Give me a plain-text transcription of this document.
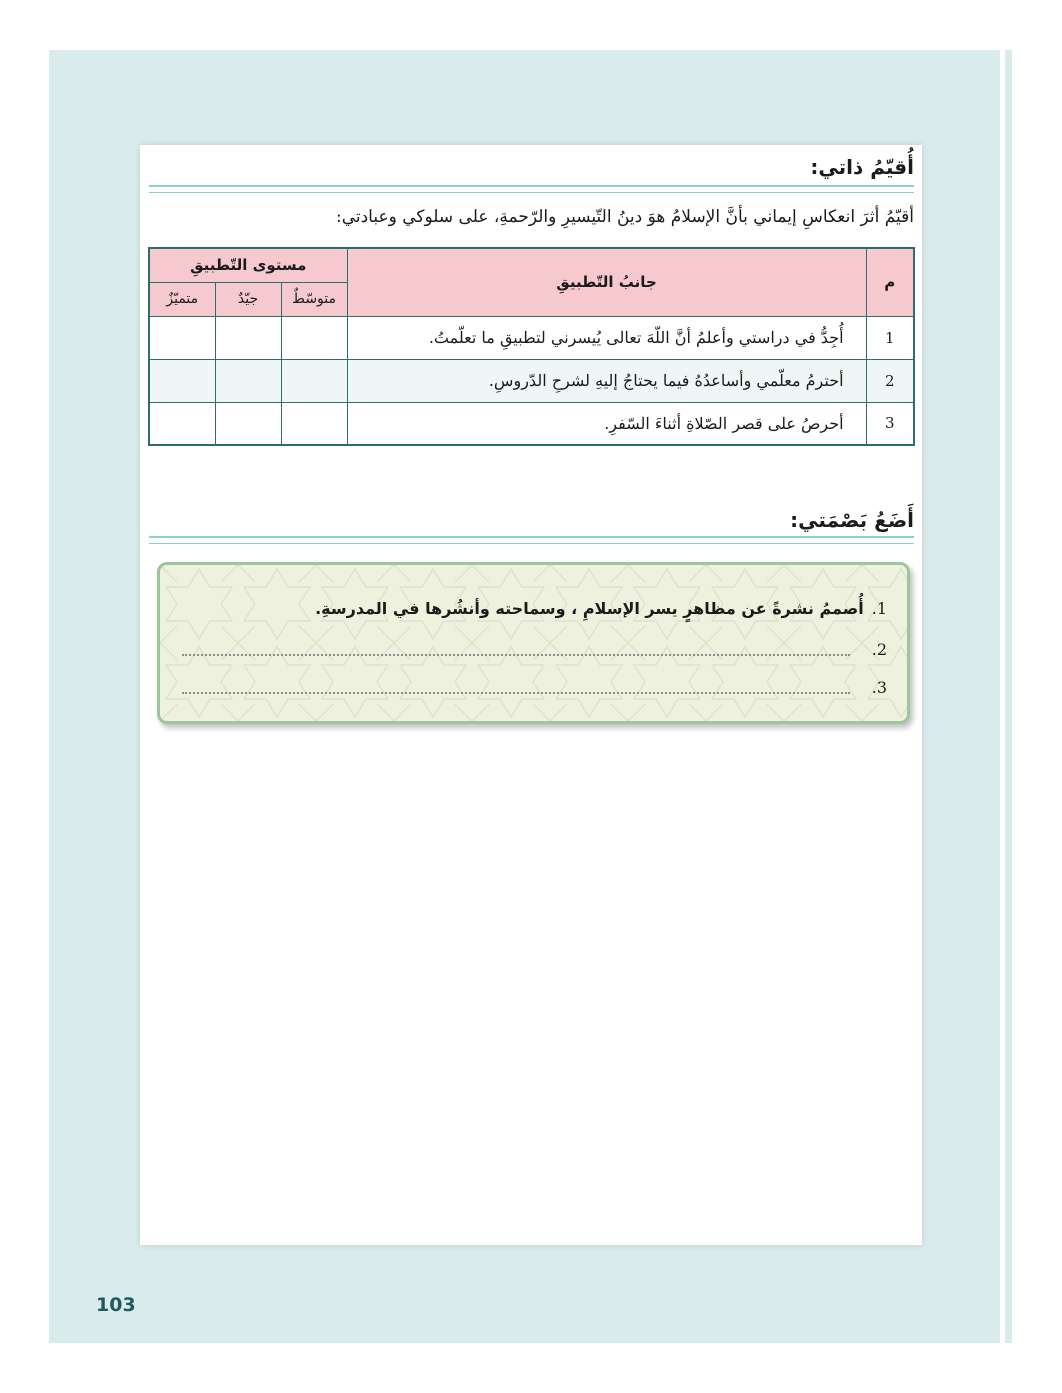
أُقيّمُ ذاتي:
أقيّمُ أثرَ انعكاسِ إيماني بأنَّ الإسلامُ هوَ دينُ التّيسيرِ والرّحمةِ، على سلوكي وعبادتي:
م	جانبُ التّطبيقِ	مستوى التّطبيقِ		
		متوسّطٌ	جيّدٌ	متميّزٌ
1	أُجِدُّ في دراستي وأعلمُ أنَّ اللّهَ تعالى يُيسرني لتطبيقِ ما تعلّمتُ.			
2	أحترمُ معلّمي وأساعدُهُ فيما يحتاجُ إليهِ لشرحِ الدّروسِ.			
3	أحرصُ على قصر الصّلاةِ أثناءَ السّفرِ.			
أَضَعُ بَصْمَتي:
1.أُصممُ نشرةً عن مظاهرٍ يسر الإسلامِ ، وسماحته وأنشُرها في المدرسةِ.
2.
3.
103
